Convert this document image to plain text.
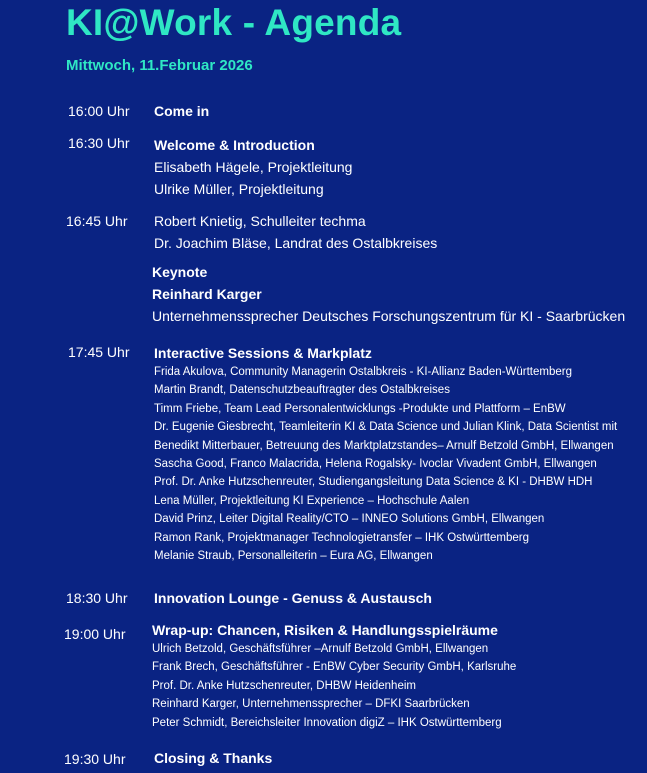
KI@Work - Agenda
Mittwoch, 11.Februar 2026
16:00 Uhr Come in
16:30 Uhr Welcome & Introduction
Elisabeth Hägele, Projektleitung
Ulrike Müller, Projektleitung
16:45 Uhr Robert Knietig, Schulleiter techma
Dr. Joachim Bläse, Landrat des Ostalbkreises
Keynote
Reinhard Karger
Unternehmenssprecher Deutsches Forschungszentrum für KI - Saarbrücken
17:45 Uhr Interactive Sessions & Markplatz
Frida Akulova, Community Managerin Ostalbkreis - KI-Allianz Baden-Württemberg
Martin Brandt, Datenschutzbeauftragter des Ostalbkreises
Timm Friebe, Team Lead Personalentwicklungs -Produkte und Plattform – EnBW
Dr. Eugenie Giesbrecht, Teamleiterin KI & Data Science und Julian Klink, Data Scientist mit
Benedikt Mitterbauer, Betreuung des Marktplatzstandes– Arnulf Betzold GmbH, Ellwangen
Sascha Good, Franco Malacrida, Helena Rogalsky- Ivoclar Vivadent GmbH, Ellwangen
Prof. Dr. Anke Hutzschenreuter, Studiengangsleitung Data Science & KI - DHBW HDH
Lena Müller, Projektleitung KI Experience – Hochschule Aalen
David Prinz, Leiter Digital Reality/CTO – INNEO Solutions GmbH, Ellwangen
Ramon Rank, Projektmanager Technologietransfer – IHK Ostwürttemberg
Melanie Straub, Personalleiterin – Eura AG, Ellwangen
18:30 Uhr Innovation Lounge - Genuss & Austausch
19:00 Uhr Wrap-up: Chancen, Risiken & Handlungsspielräume
Ulrich Betzold, Geschäftsführer –Arnulf Betzold GmbH, Ellwangen
Frank Brech, Geschäftsführer - EnBW Cyber Security GmbH, Karlsruhe
Prof. Dr. Anke Hutzschenreuter, DHBW Heidenheim
Reinhard Karger, Unternehmenssprecher – DFKI Saarbrücken
Peter Schmidt, Bereichsleiter Innovation digiZ – IHK Ostwürttemberg
19:30 Uhr Closing & Thanks
